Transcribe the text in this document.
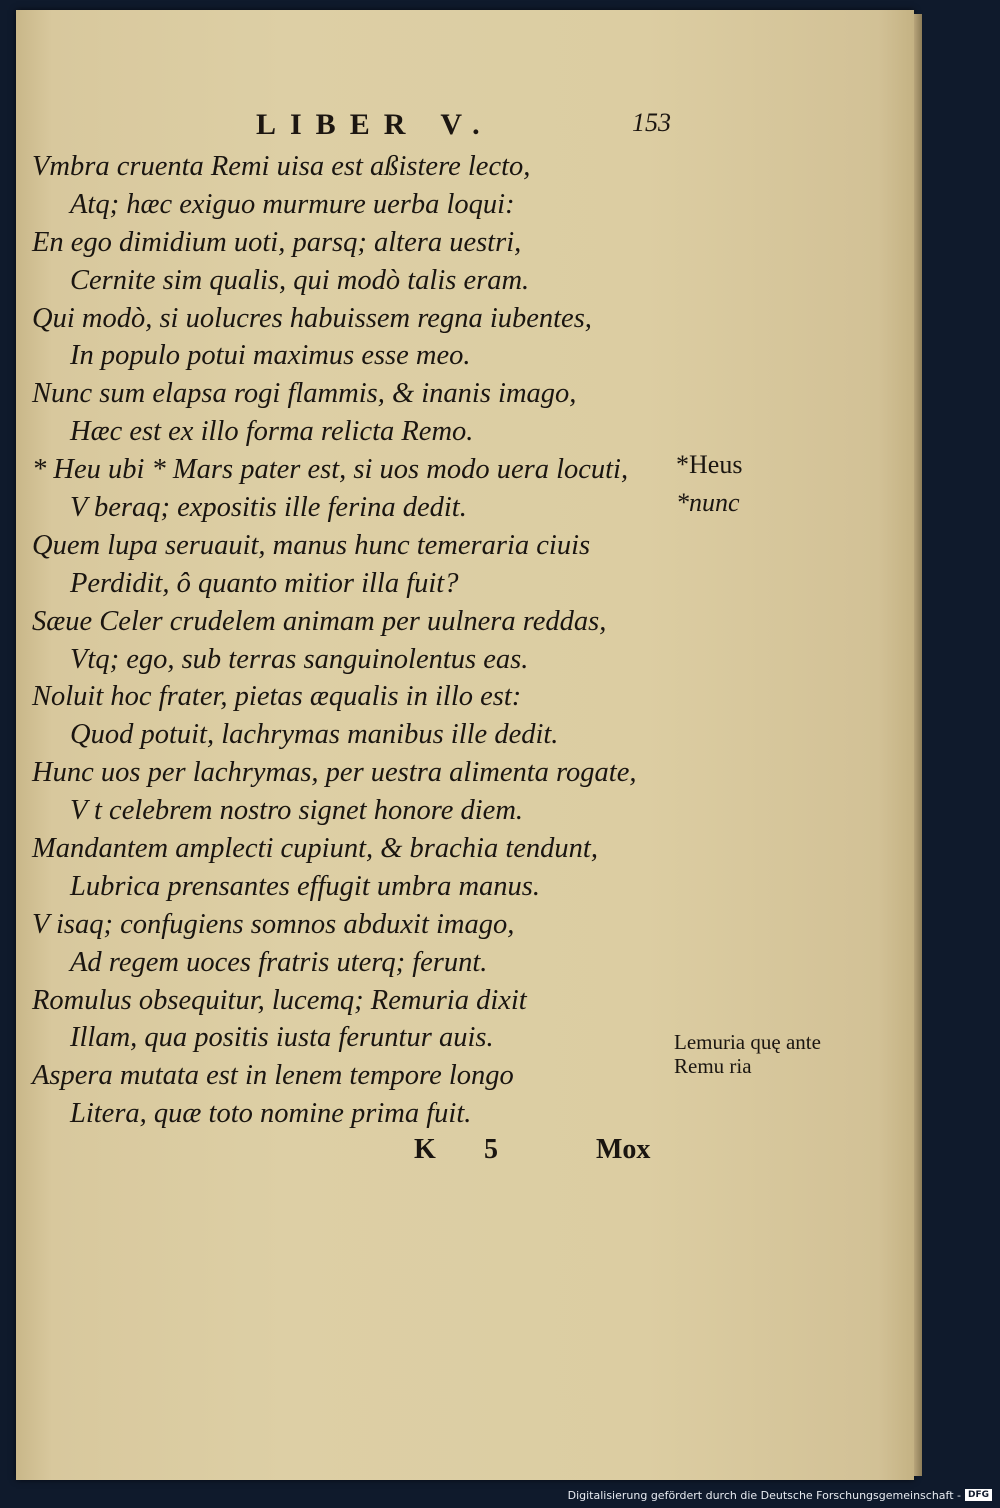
LIBER V.	153
Vmbra cruenta Remi uisa est aßistere lecto,
Atq; hæc exiguo murmure uerba loqui:
En ego dimidium uoti, parsq; altera uestri,
Cernite sim qualis, qui modò talis eram.
Qui modò, si uolucres habuissem regna iubentes,
In populo potui maximus esse meo.
Nunc sum elapsa rogi flammis, & inanis imago,
Hæc est ex illo forma relicta Remo.
* Heu ubi * Mars pater est, si uos modo uera locuti,
V beraq; expositis ille ferina dedit.
Quem lupa seruauit, manus hunc temeraria ciuis
Perdidit, ô quanto mitior illa fuit?
Sæue Celer crudelem animam per uulnera reddas,
Vtq; ego, sub terras sanguinolentus eas.
Noluit hoc frater, pietas æqualis in illo est:
Quod potuit, lachrymas manibus ille dedit.
Hunc uos per lachrymas, per uestra alimenta rogate,
V t celebrem nostro signet honore diem.
Mandantem amplecti cupiunt, & brachia tendunt,
Lubrica prensantes effugit umbra manus.
V isaq; confugiens somnos abduxit imago,
Ad regem uoces fratris uterq; ferunt.
Romulus obsequitur, lucemq; Remuria dixit
Illam, qua positis iusta feruntur auis.
Aspera mutata est in lenem tempore longo
Litera, quæ toto nomine prima fuit.
*Heus
*nunc
Lemuria quę ante Remu ria
K 5	Mox
Digitalisierung gefördert durch die Deutsche Forschungsgemeinschaft - DFG
